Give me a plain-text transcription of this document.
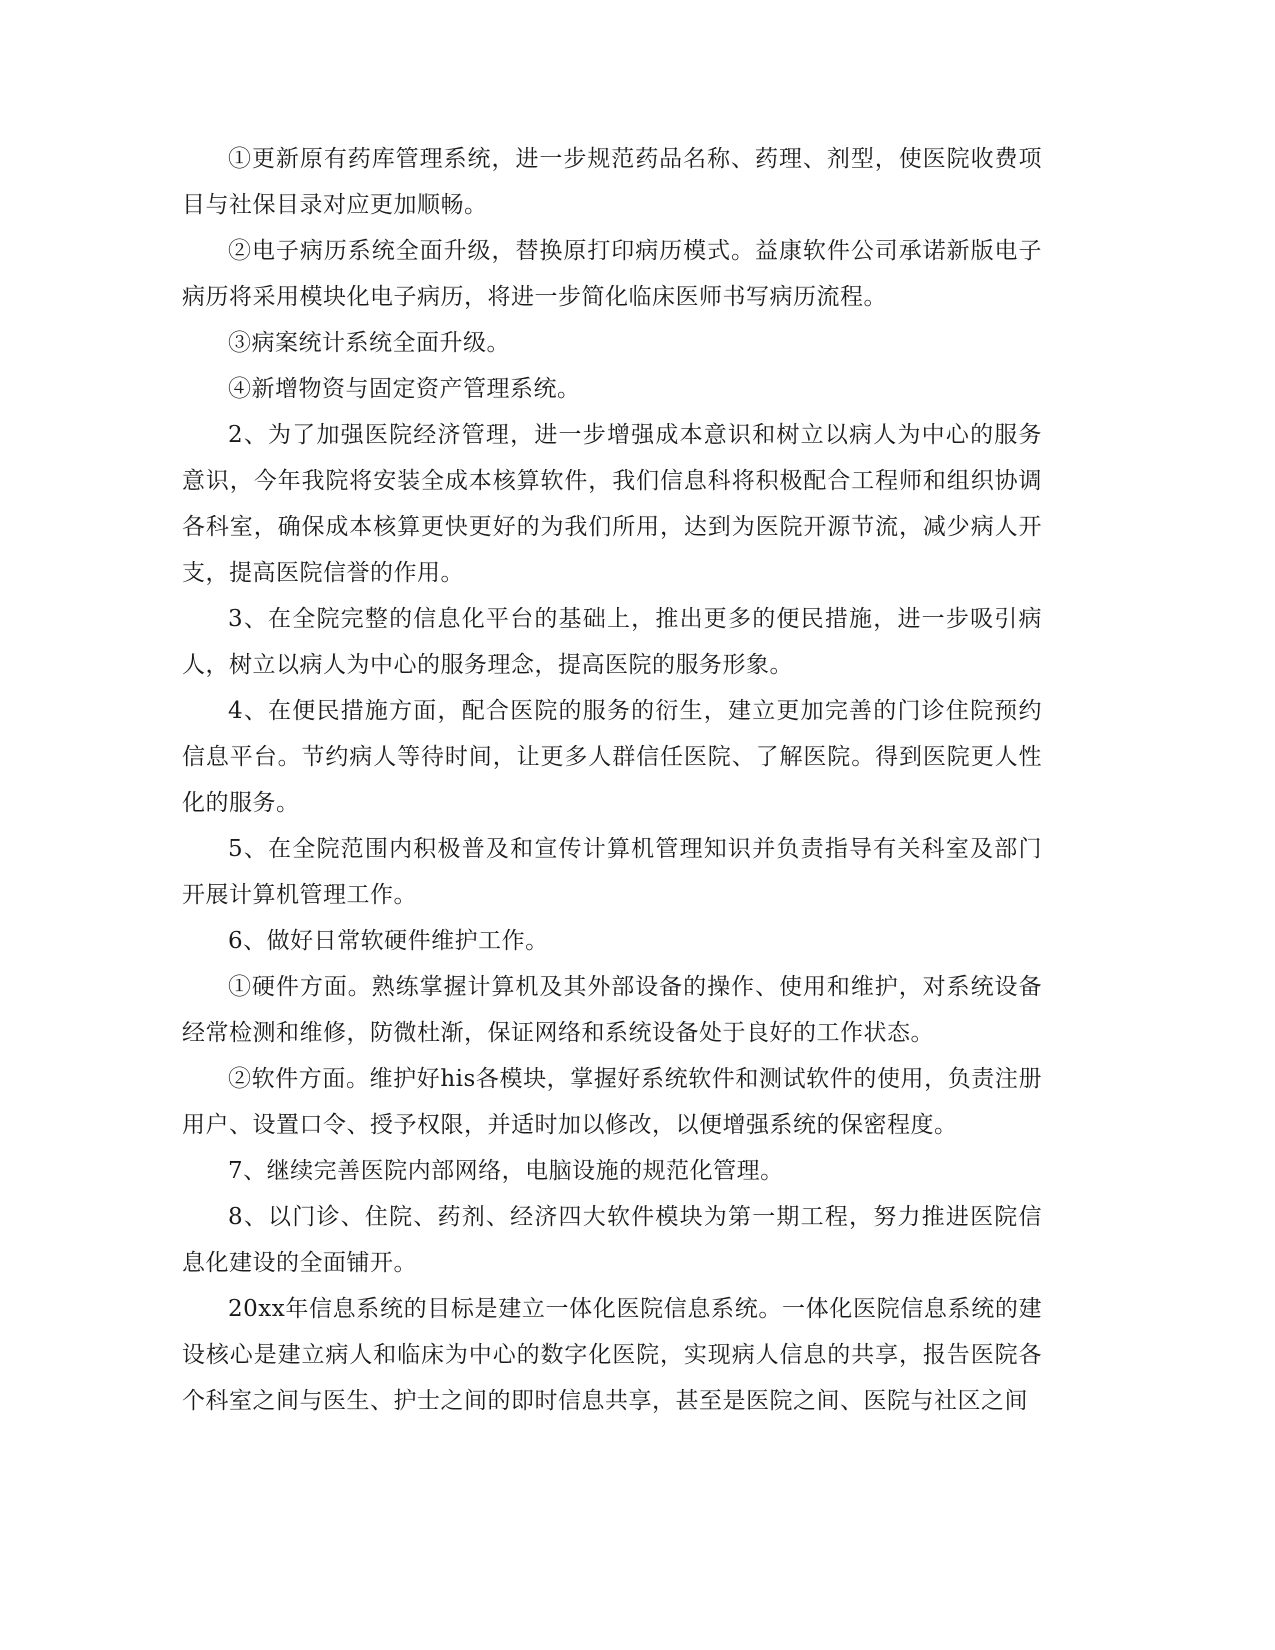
①更新原有药库管理系统，进一步规范药品名称、药理、剂型，使医院收费项目与社保目录对应更加顺畅。

②电子病历系统全面升级，替换原打印病历模式。益康软件公司承诺新版电子病历将采用模块化电子病历，将进一步简化临床医师书写病历流程。

③病案统计系统全面升级。

④新增物资与固定资产管理系统。

2、为了加强医院经济管理，进一步增强成本意识和树立以病人为中心的服务意识，今年我院将安装全成本核算软件，我们信息科将积极配合工程师和组织协调各科室，确保成本核算更快更好的为我们所用，达到为医院开源节流，减少病人开支，提高医院信誉的作用。

3、在全院完整的信息化平台的基础上，推出更多的便民措施，进一步吸引病人，树立以病人为中心的服务理念，提高医院的服务形象。

4、在便民措施方面，配合医院的服务的衍生，建立更加完善的门诊住院预约信息平台。节约病人等待时间，让更多人群信任医院、了解医院。得到医院更人性化的服务。

5、在全院范围内积极普及和宣传计算机管理知识并负责指导有关科室及部门开展计算机管理工作。

6、做好日常软硬件维护工作。

①硬件方面。熟练掌握计算机及其外部设备的操作、使用和维护，对系统设备经常检测和维修，防微杜渐，保证网络和系统设备处于良好的工作状态。

②软件方面。维护好his各模块，掌握好系统软件和测试软件的使用，负责注册用户、设置口令、授予权限，并适时加以修改，以便增强系统的保密程度。

7、继续完善医院内部网络，电脑设施的规范化管理。

8、以门诊、住院、药剂、经济四大软件模块为第一期工程，努力推进医院信息化建设的全面铺开。

20xx年信息系统的目标是建立一体化医院信息系统。一体化医院信息系统的建设核心是建立病人和临床为中心的数字化医院，实现病人信息的共享，报告医院各个科室之间与医生、护士之间的即时信息共享，甚至是医院之间、医院与社区之间
